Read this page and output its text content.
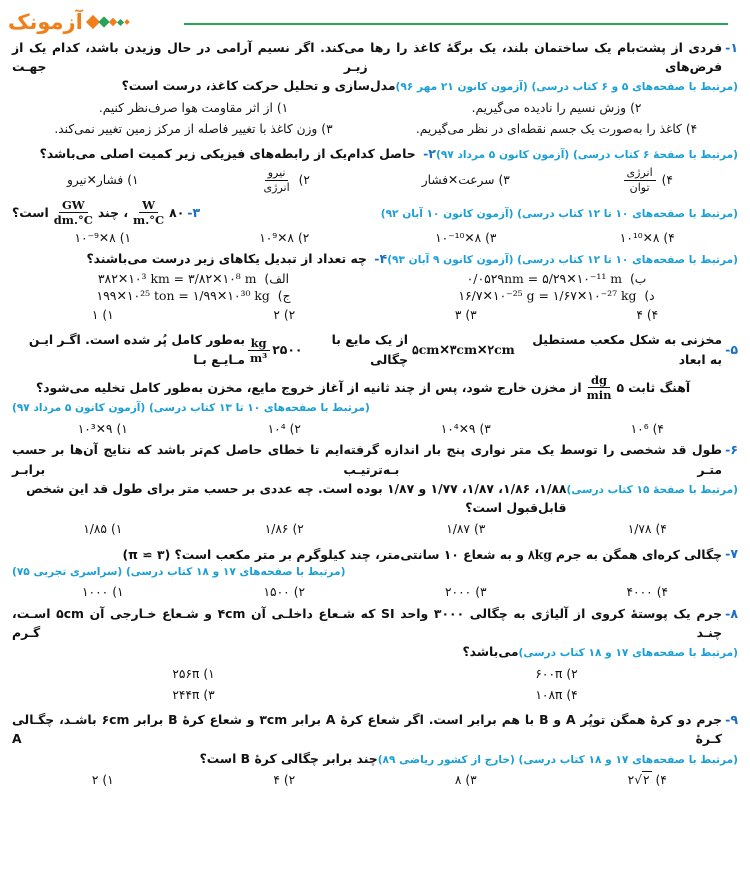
آزمونک
۱-
فردی از پشت‌بام یک ساختمان بلند، یک برگهٔ کاغذ را رها می‌کند. اگر نسیم آرامی در حال وزیدن باشد، کدام یک از فرض‌های زیـر جهـت
(مرتبط با صفحه‌های ۵ و ۶ کتاب درسی) (آزمون کانون ۲۱ مهر ۹۶)
مدل‌سازی و تحلیل حرکت کاغذ، درست است؟
۲)
وزش نسیم را نادیده می‌گیریم.
۱)
از اثر مقاومت هوا صرف‌نظر کنیم.
۴)
کاغذ را به‌صورت یک جسم نقطه‌ای در نظر می‌گیریم.
۳)
وزن کاغذ با تغییر فاصله از مرکز زمین تغییر نمی‌کند.
(مرتبط با صفحهٔ ۶ کتاب درسی) (آزمون کانون ۵ مرداد ۹۷)
۲- حاصل کدام‌یک از رابطه‌های فیزیکی زیر کمیت اصلی می‌باشد؟
۴)
$\frac{\text{انرژی}}{\text{توان}}$
۳)
سرعت✕فشار
۲)
$\frac{\text{نیرو}}{\text{انرژی}}$
۱)
فشار✕نیرو
(مرتبط با صفحه‌های ۱۰ تا ۱۲ کتاب درسی) (آزمون کانون ۱۰ آبان ۹۲)
۳-
۸۰
$\frac{W}{m.^\circ C}$
، چند
$\frac{GW}{dm.^\circ C}$
است؟
۴)
۸✕۱۰¹⁰
۳)
۸✕۱۰⁻¹⁰
۲)
۸✕۱۰⁹
۱)
۸✕۱۰⁻⁹
(مرتبط با صفحه‌های ۱۰ تا ۱۲ کتاب درسی) (آزمون کانون ۹ آبان ۹۳)
۴- چه تعداد از تبدیل یکاهای زیر درست می‌باشند؟
ب) ۰/۰۵۲۹nm = ۵/۲۹✕۱۰⁻¹¹ m
الف) ۳۸۲✕۱۰³ km = ۳/۸۲✕۱۰⁸ m
د) ۱۶/۷✕۱۰⁻²⁵ g = ۱/۶۷✕۱۰⁻²⁷ kg
ج) ۱۹۹✕۱۰²⁵ ton = ۱/۹۹✕۱۰³⁰ kg
۴)
۴
۳)
۳
۲)
۲
۱)
۱
۵-
مخزنی به شکل مکعب مستطیل به ابعاد
۵cm✕۳cm✕۲cm
از یک مایع با چگالی
۲۵۰۰
$\frac{kg}{\text{m³}}$
به‌طور کامل پُر شده است. اگـر ایـن مـایـع بـا
آهنگ ثابت
۵
$\frac{dg}{\min}$
از مخزن خارج شود، پس از چند ثانیه از آغاز خروج مایع، مخزن به‌طور کامل تخلیه می‌شود؟
(مرتبط با صفحه‌های ۱۰ تا ۱۳ کتاب درسی) (آزمون کانون ۵ مرداد ۹۷)
۴)
۱۰⁶
۳)
۹✕۱۰⁴
۲)
۱۰⁴
۱)
۹✕۱۰³
۶-
طول قد شخصی را توسط یک متر نواری پنج بار اندازه گرفته‌ایم تا خطای حاصل کم‌تر باشد که نتایج آن‌ها بر حسب متـر بـه‌ترتیـب برابـر
(مرتبط با صفحهٔ ۱۵ کتاب درسی)
۱/۸۸، ۱/۸۶، ۱/۸۷، ۱/۷۷ و ۱/۸۷ بوده است. چه عددی بر حسب متر برای طول قد این شخص قابل‌قبول است؟
۴)
۱/۷۸
۳)
۱/۸۷
۲)
۱/۸۶
۱)
۱/۸۵
۷-
چگالی کره‌ای همگن به جرم
۸kg
و به شعاع ۱۰ سانتی‌متر، چند کیلوگرم بر متر مکعب است؟ (۳ ≃ π)
(مرتبط با صفحه‌های ۱۷ و ۱۸ کتاب درسی) (سراسری تجربی ۷۵)
۴)
۴۰۰۰
۳)
۲۰۰۰
۲)
۱۵۰۰
۱)
۱۰۰۰
۸-
جرم یک پوستهٔ کروی از آلیاژی به چگالی ۳۰۰۰ واحد SI که شـعاع داخلـی آن ۴cm و شـعاع خـارجی آن ۵cm اسـت، چنـد گـرم
(مرتبط با صفحه‌های ۱۷ و ۱۸ کتاب درسی)
می‌باشد؟
۲)
۶۰۰π
۱)
۲۵۶π
۴)
۱۰۸π
۳)
۲۴۴π
۹-
جرم دو کرهٔ همگن توپُر A و B با هم برابر است. اگر شعاع کرهٔ A برابر ۳cm و شعاع کرهٔ B برابر ۶cm باشـد، چگـالی کـرهٔ A
(مرتبط با صفحه‌های ۱۷ و ۱۸ کتاب درسی) (خارج از کشور ریاضی ۸۹)
چند برابر چگالی کرهٔ B است؟
۴)
۲√۲
۳)
۸
۲)
۴
۱)
۲
